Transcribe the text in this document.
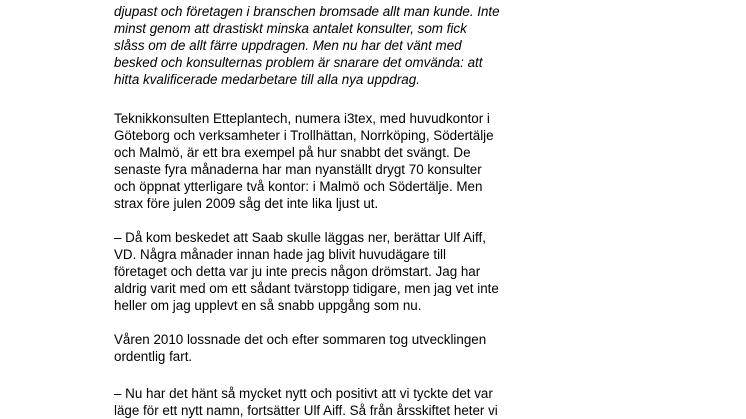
djupast och företagen i branschen bromsade allt man kunde. Inte
minst genom att drastiskt minska antalet konsulter, som fick
slåss om de allt färre uppdragen. Men nu har det vänt med
besked och konsulternas problem är snarare det omvända: att
hitta kvalificerade medarbetare till alla nya uppdrag.
Teknikkonsulten Etteplantech, numera i3tex, med huvudkontor i
Göteborg och verksamheter i Trollhättan, Norrköping, Södertälje
och Malmö, är ett bra exempel på hur snabbt det svängt. De
senaste fyra månaderna har man nyanställt drygt 70 konsulter
och öppnat ytterligare två kontor: i Malmö och Södertälje. Men
strax före julen 2009 såg det inte lika ljust ut.
– Då kom beskedet att Saab skulle läggas ner, berättar Ulf Aiff,
VD. Några månader innan hade jag blivit huvudägare till
företaget och detta var ju inte precis någon drömstart. Jag har
aldrig varit med om ett sådant tvärstopp tidigare, men jag vet inte
heller om jag upplevt en så snabb uppgång som nu.
Våren 2010 lossnade det och efter sommaren tog utvecklingen
ordentlig fart.
– Nu har det hänt så mycket nytt och positivt att vi tyckte det var
läge för ett nytt namn, fortsätter Ulf Aiff. Så från årsskiftet heter vi
